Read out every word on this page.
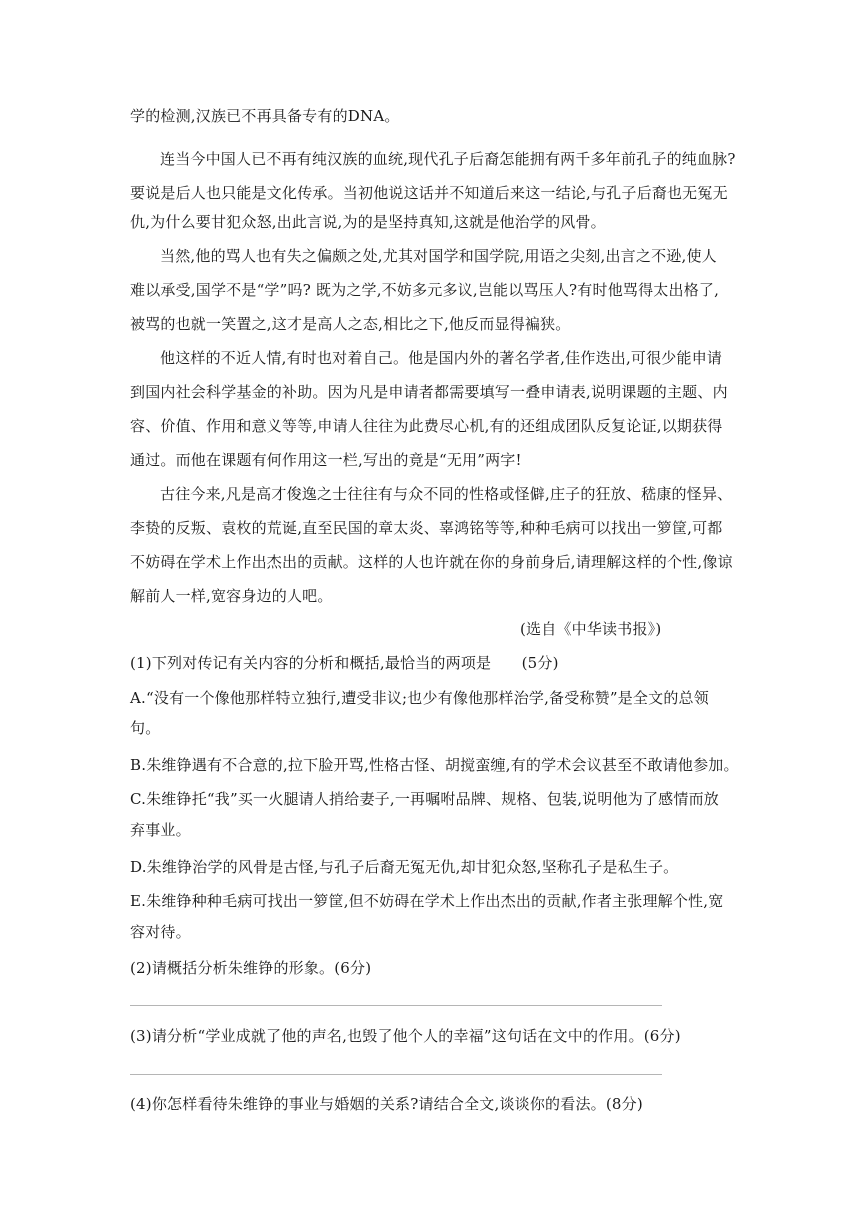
学的检测,汉族已不再具备专有的DNA。
连当今中国人已不再有纯汉族的血统,现代孔子后裔怎能拥有两千多年前孔子的纯血脉?
要说是后人也只能是文化传承。当初他说这话并不知道后来这一结论,与孔子后裔也无冤无
仇,为什么要甘犯众怒,出此言说,为的是坚持真知,这就是他治学的风骨。
当然,他的骂人也有失之偏颇之处,尤其对国学和国学院,用语之尖刻,出言之不逊,使人
难以承受,国学不是“学”吗? 既为之学,不妨多元多议,岂能以骂压人?有时他骂得太出格了,
被骂的也就一笑置之,这才是高人之态,相比之下,他反而显得褊狭。
他这样的不近人情,有时也对着自己。他是国内外的著名学者,佳作迭出,可很少能申请
到国内社会科学基金的补助。因为凡是申请者都需要填写一叠申请表,说明课题的主题、内
容、价值、作用和意义等等,申请人往往为此费尽心机,有的还组成团队反复论证,以期获得
通过。而他在课题有何作用这一栏,写出的竟是“无用”两字!
古往今来,凡是高才俊逸之士往往有与众不同的性格或怪僻,庄子的狂放、嵇康的怪异、
李贽的反叛、袁枚的荒诞,直至民国的章太炎、辜鸿铭等等,种种毛病可以找出一箩筐,可都
不妨碍在学术上作出杰出的贡献。这样的人也许就在你的身前身后,请理解这样的个性,像谅
解前人一样,宽容身边的人吧。
(选自《中华读书报》)
(1)下列对传记有关内容的分析和概括,最恰当的两项是　　(5分)
A.“没有一个像他那样特立独行,遭受非议;也少有像他那样治学,备受称赞”是全文的总领
句。
B.朱维铮遇有不合意的,拉下脸开骂,性格古怪、胡搅蛮缠,有的学术会议甚至不敢请他参加。
C.朱维铮托“我”买一火腿请人捎给妻子,一再嘱咐品牌、规格、包装,说明他为了感情而放
弃事业。
D.朱维铮治学的风骨是古怪,与孔子后裔无冤无仇,却甘犯众怒,坚称孔子是私生子。
E.朱维铮种种毛病可找出一箩筐,但不妨碍在学术上作出杰出的贡献,作者主张理解个性,宽
容对待。
(2)请概括分析朱维铮的形象。(6分)
(3)请分析“学业成就了他的声名,也毁了他个人的幸福”这句话在文中的作用。(6分)
(4)你怎样看待朱维铮的事业与婚姻的关系?请结合全文,谈谈你的看法。(8分)
